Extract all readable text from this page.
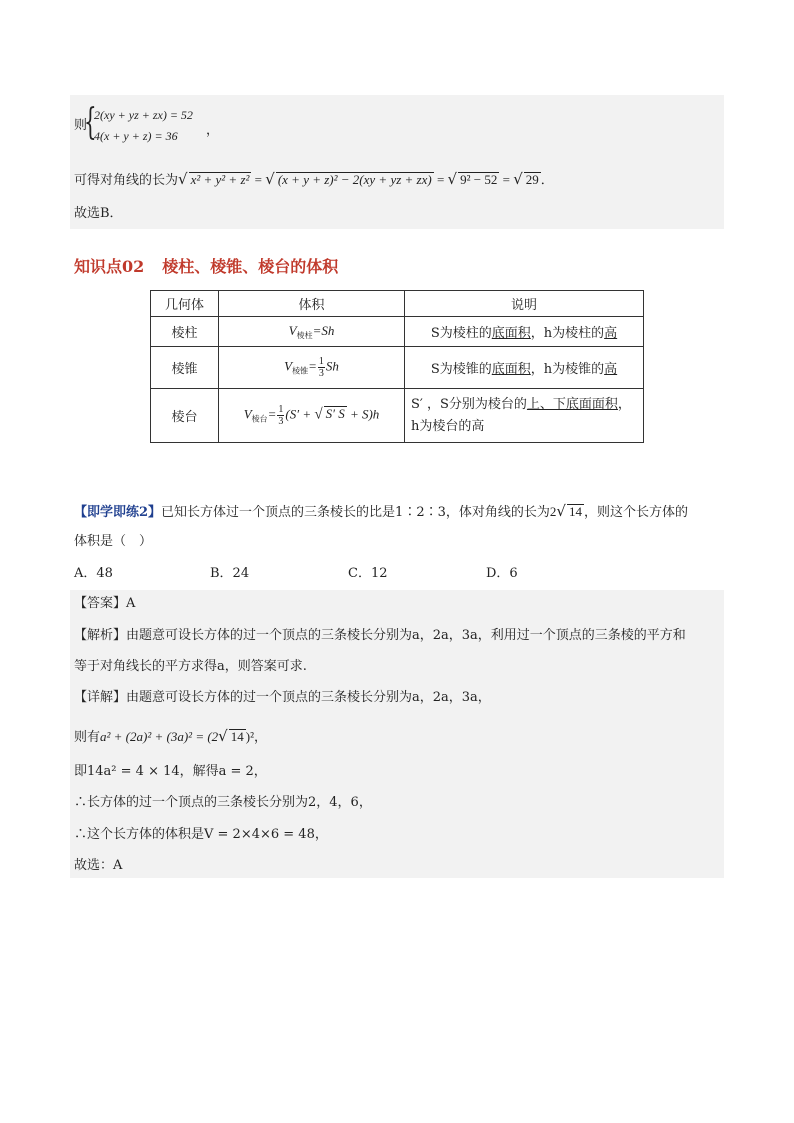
则
{
2(xy + yz + zx) = 52
4(x + y + z) = 36 ，
可得对角线的长为√ x² + y² + z² = √ (x + y + z)² − 2(xy + yz + zx) = √ 9² − 52 = √ 29 ．
故选B．
知识点02 棱柱、棱锥、棱台的体积
几何体	体积	说明
棱柱	$V_{棱柱}=Sh$	S为棱柱的底面积，h为棱柱的高
棱锥	$V_{棱锥}= \frac{1}{3}$ Sh	S为棱锥的底面积，h为棱锥的高
棱台	$V_{棱台}= \frac{1}{3} (S'$ + √ S′ S + S)h	S′ ，S分别为棱台的上、下底面面积，
h为棱台的高
【即学即练2】已知长方体过一个顶点的三条棱长的比是1∶2∶3，体对角线的长为2√ 14 ，则这个长方体的
体积是（　）
A．48	B．24	C．12	D．6
【答案】A
【解析】由题意可设长方体的过一个顶点的三条棱长分别为a，2a，3a，利用过一个顶点的三条棱的平方和
等于对角线长的平方求得a，则答案可求.
【详解】由题意可设长方体的过一个顶点的三条棱长分别为a，2a，3a，
则有a² + (2a)² + (3a)² = (2√ 14 )²，
即14a² = 4 × 14，解得a = 2，
∴长方体的过一个顶点的三条棱长分别为2，4，6，
∴这个长方体的体积是V = 2×4×6 = 48，
故选：A
